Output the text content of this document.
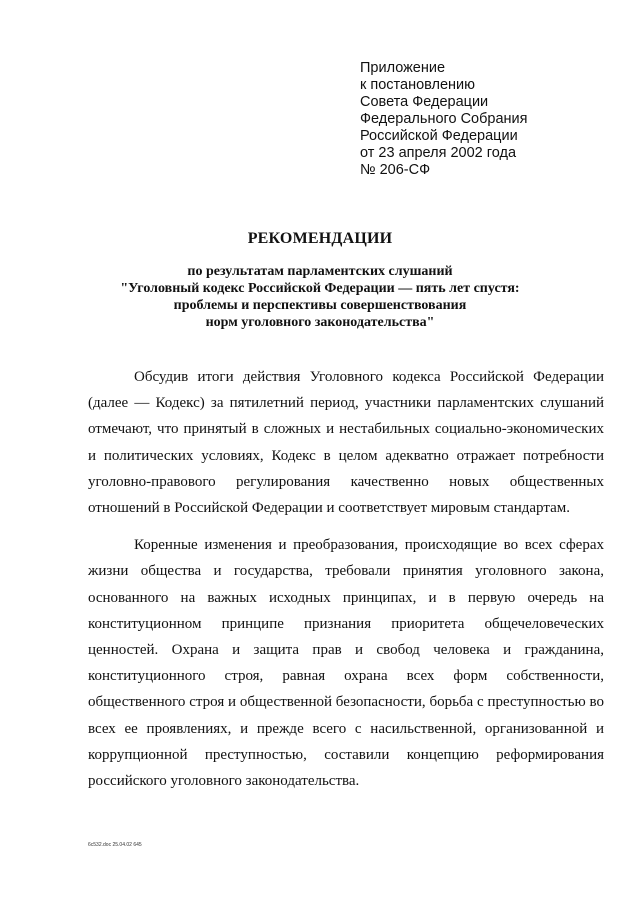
Приложение
к постановлению
Совета Федерации
Федерального Собрания
Российской Федерации
от 23 апреля 2002 года
№ 206-СФ
РЕКОМЕНДАЦИИ
по результатам парламентских слушаний
"Уголовный кодекс Российской Федерации — пять лет спустя:
проблемы и перспективы совершенствования
норм уголовного законодательства"

Обсудив итоги действия Уголовного кодекса Российской Федерации (далее — Кодекс) за пятилетний период, участники парламентских слушаний отмечают, что принятый в сложных и нестабильных социально-экономических и политических условиях, Кодекс в целом адекватно отражает потребности уголовно-правового регулирования качественно новых общественных отношений в Российской Федерации и соответствует мировым стандартам.

Коренные изменения и преобразования, происходящие во всех сферах жизни общества и государства, требовали принятия уголовного закона, основанного на важных исходных принципах, и в первую очередь на конституционном принципе признания приоритета общечеловеческих ценностей. Охрана и защита прав и свобод человека и гражданина, конституционного строя, равная охрана всех форм собственности, общественного строя и общественной безопасности, борьба с преступностью во всех ее проявлениях, и прежде всего с насильственной, организованной и коррупционной преступностью, составили концепцию реформирования российского уголовного законодательства.

6с532.doc 25.04.02 645
